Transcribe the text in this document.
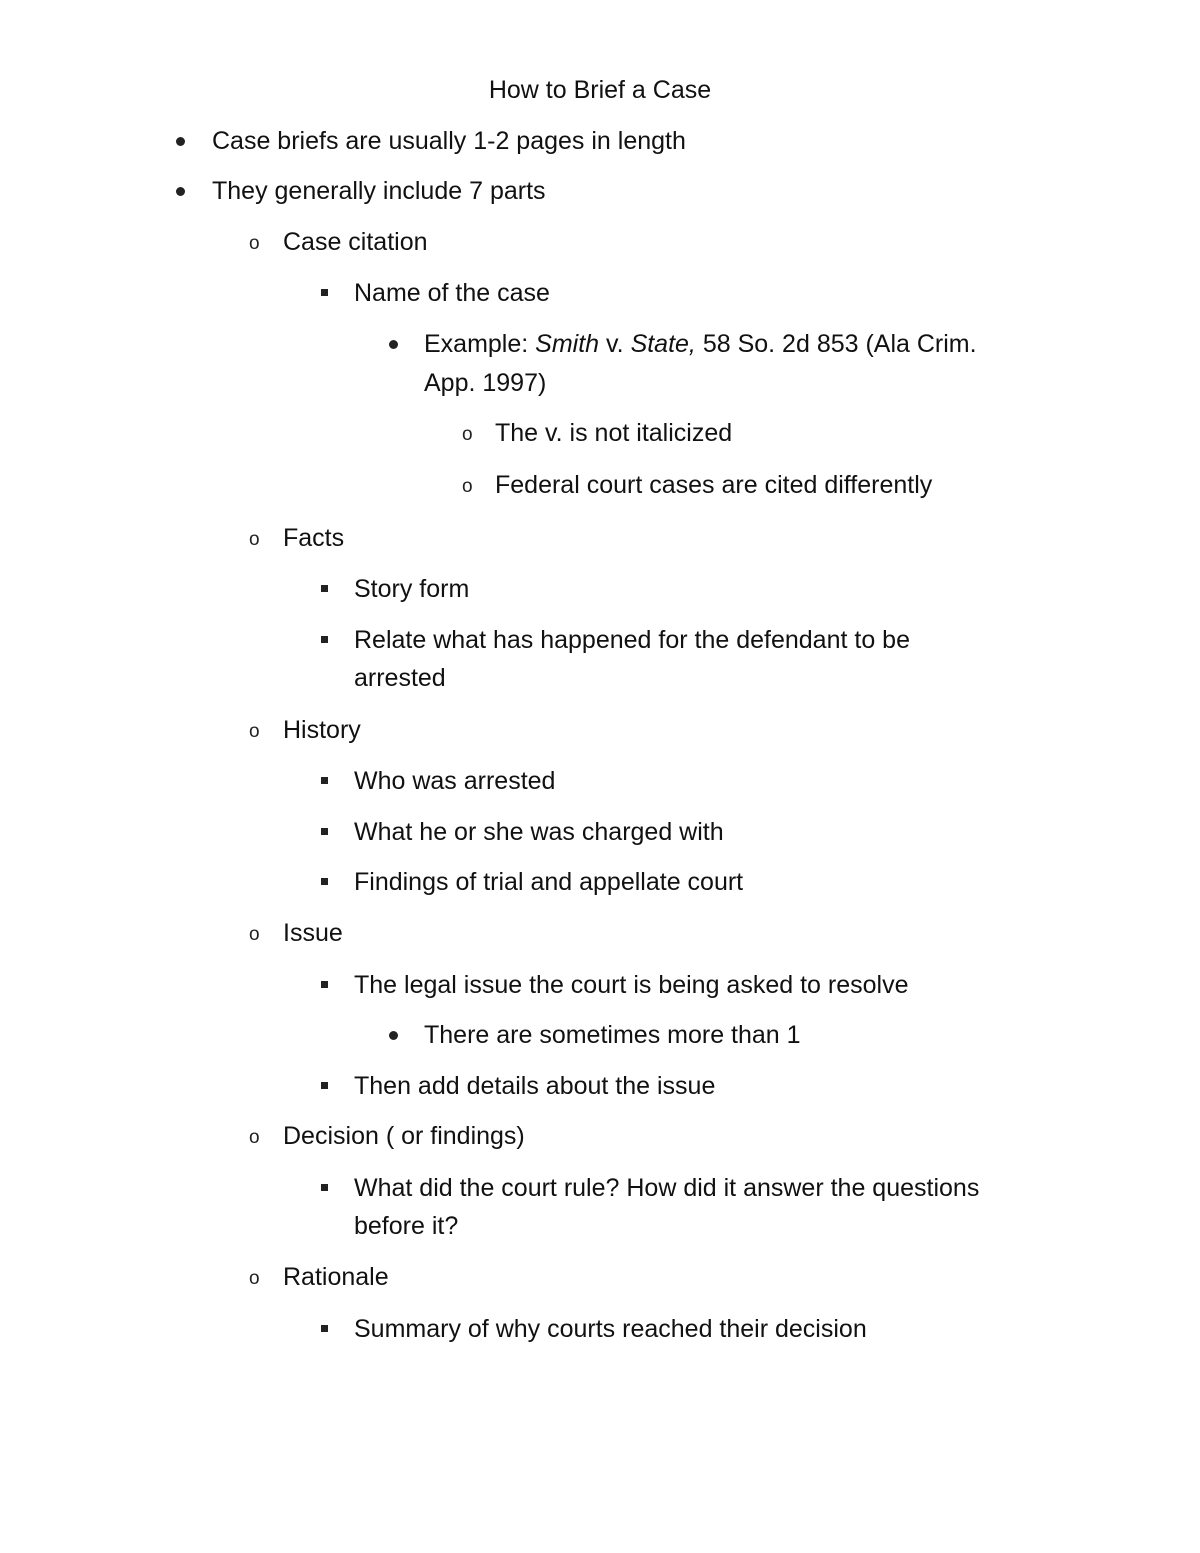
How to Brief a Case
Case briefs are usually 1-2 pages in length
They generally include 7 parts
o Case citation
Name of the case
Example: Smith v. State, 58 So. 2d 853 (Ala Crim.
App. 1997)
o The v. is not italicized
o Federal court cases are cited differently
o Facts
Story form
Relate what has happened for the defendant to be
arrested
o History
Who was arrested
What he or she was charged with
Findings of trial and appellate court
o Issue
The legal issue the court is being asked to resolve
There are sometimes more than 1
Then add details about the issue
o Decision ( or findings)
What did the court rule? How did it answer the questions
before it?
o Rationale
Summary of why courts reached their decision
